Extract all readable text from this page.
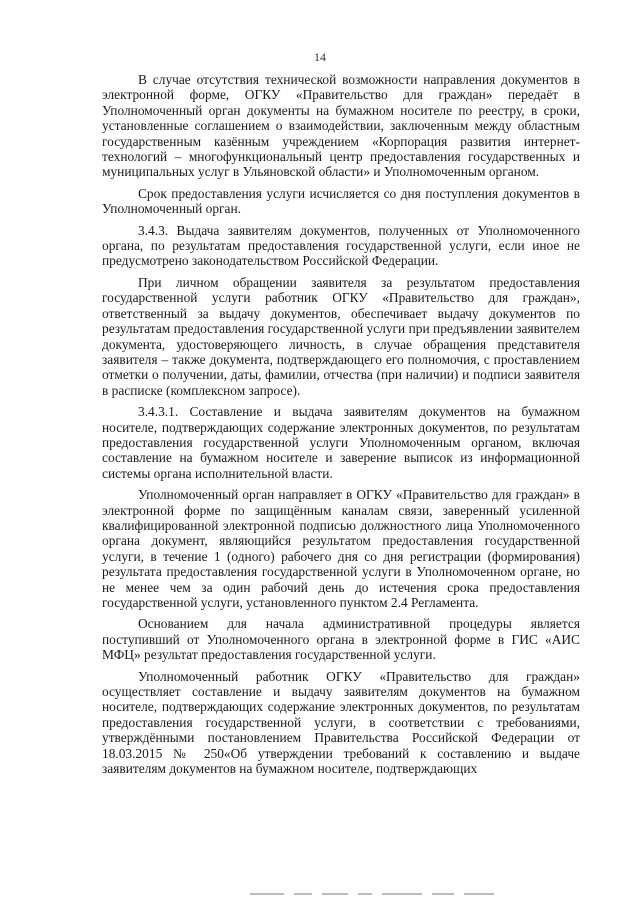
14

В случае отсутствия технической возможности направления документов в электронной форме, ОГКУ «Правительство для граждан» передаёт в Уполномоченный орган документы на бумажном носителе по реестру, в сроки, установленные соглашением о взаимодействии, заключенным между областным государственным казённым учреждением «Корпорация развития интернет-технологий – многофункциональный центр предоставления государственных и муниципальных услуг в Ульяновской области» и Уполномоченным органом.

Срок предоставления услуги исчисляется со дня поступления документов в Уполномоченный орган.

3.4.3. Выдача заявителям документов, полученных от Уполномоченного органа, по результатам предоставления государственной услуги, если иное не предусмотрено законодательством Российской Федерации.

При личном обращении заявителя за результатом предоставления государственной услуги работник ОГКУ «Правительство для граждан», ответственный за выдачу документов, обеспечивает выдачу документов по результатам предоставления государственной услуги при предъявлении заявителем документа, удостоверяющего личность, в случае обращения представителя заявителя – также документа, подтверждающего его полномочия, с проставлением отметки о получении, даты, фамилии, отчества (при наличии) и подписи заявителя в расписке (комплексном запросе).

3.4.3.1. Составление и выдача заявителям документов на бумажном носителе, подтверждающих содержание электронных документов, по результатам предоставления государственной услуги Уполномоченным органом, включая составление на бумажном носителе и заверение выписок из информационной системы органа исполнительной власти.

Уполномоченный орган направляет в ОГКУ «Правительство для граждан» в электронной форме по защищённым каналам связи, заверенный усиленной квалифицированной электронной подписью должностного лица Уполномоченного органа документ, являющийся результатом предоставления государственной услуги, в течение 1 (одного) рабочего дня со дня регистрации (формирования) результата предоставления государственной услуги в Уполномоченном органе, но не менее чем за один рабочий день до истечения срока предоставления государственной услуги, установленного пунктом 2.4 Регламента.

Основанием для начала административной процедуры является поступивший от Уполномоченного органа в электронной форме в ГИС «АИС МФЦ» результат предоставления государственной услуги.

Уполномоченный работник ОГКУ «Правительство для граждан» осуществляет составление и выдачу заявителям документов на бумажном носителе, подтверждающих содержание электронных документов, по результатам предоставления государственной услуги, в соответствии с требованиями, утверждёнными постановлением Правительства Российской Федерации от 18.03.2015 № 250«Об утверждении требований к составлению и выдаче заявителям документов на бумажном носителе, подтверждающих
